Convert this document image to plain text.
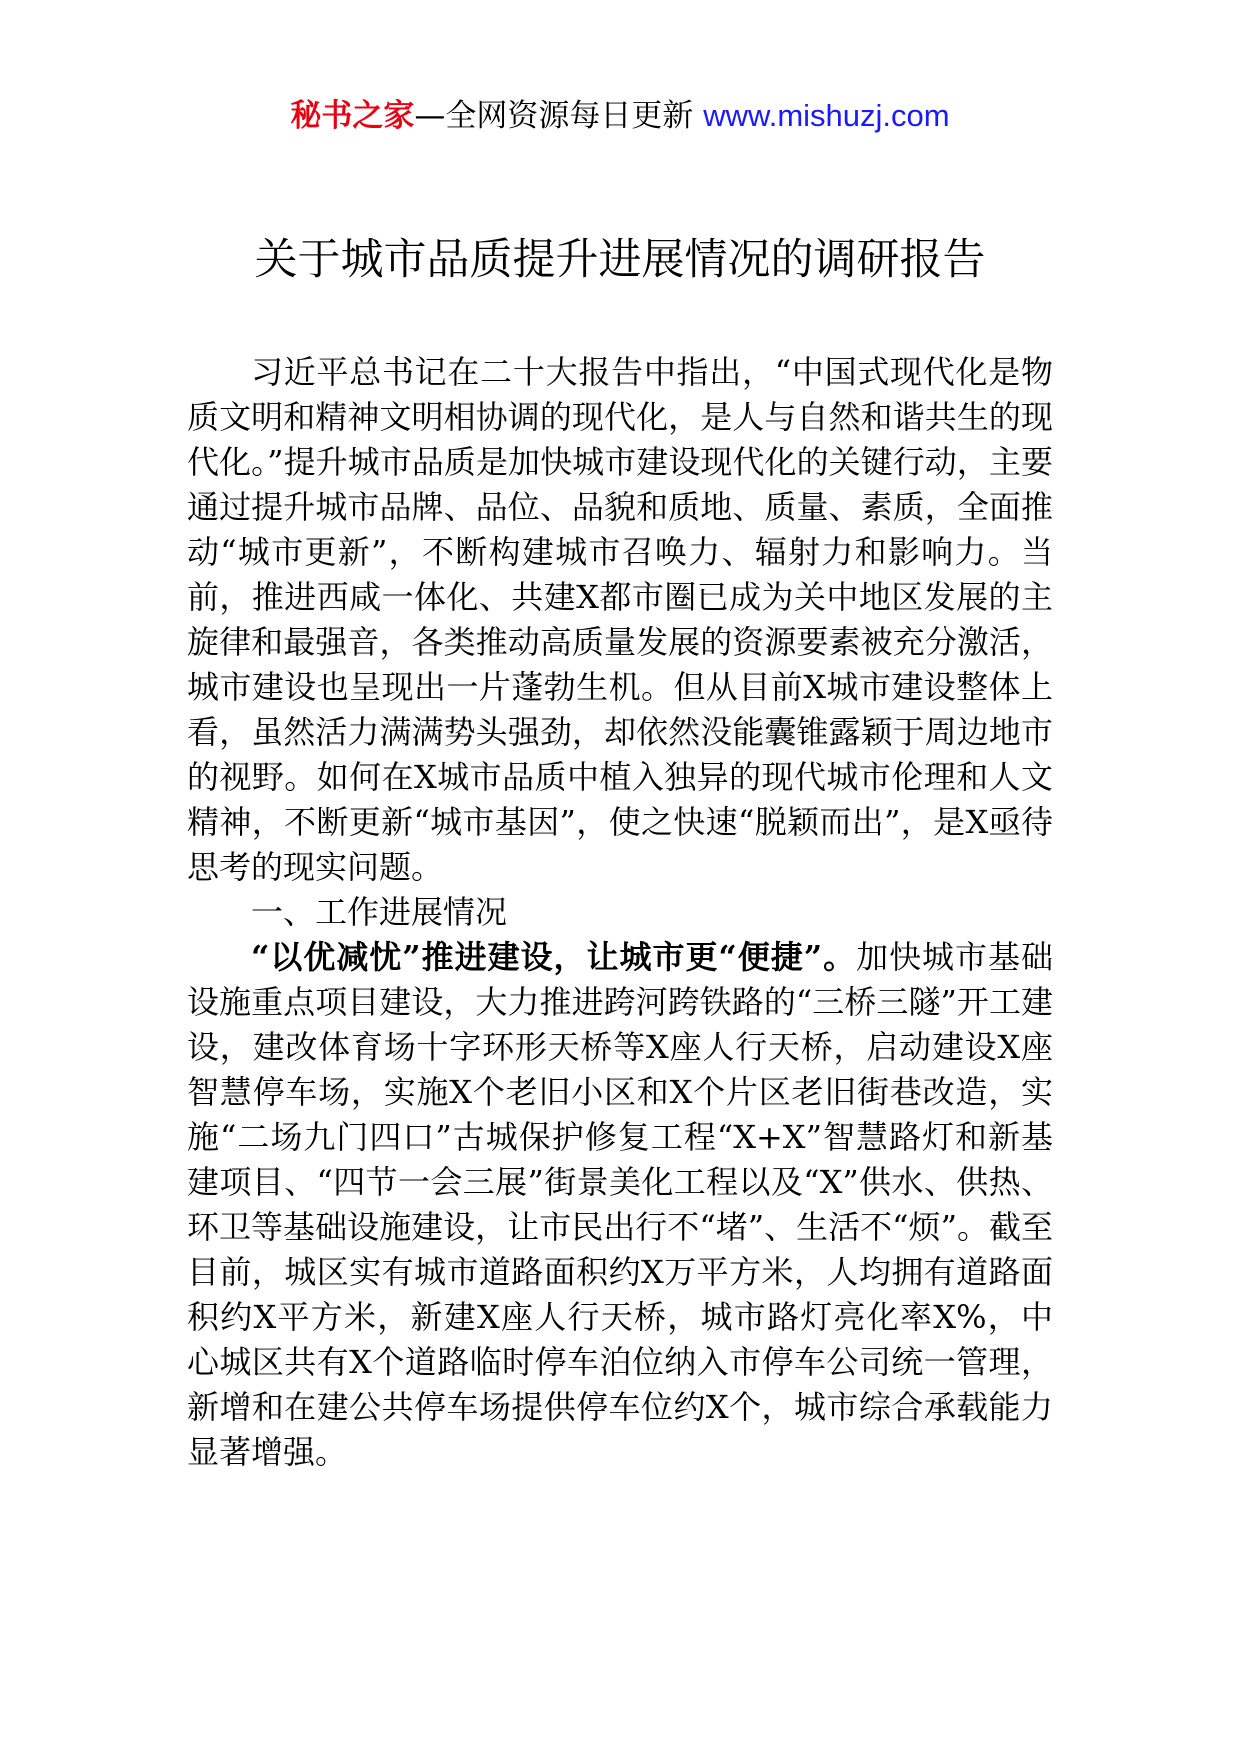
秘书之家—全网资源每日更新 www.mishuzj.com
关于城市品质提升进展情况的调研报告

习近平总书记在二十大报告中指出，“中国式现代化是物质文明和精神文明相协调的现代化，是人与自然和谐共生的现代化。”提升城市品质是加快城市建设现代化的关键行动，主要通过提升城市品牌、品位、品貌和质地、质量、素质，全面推动“城市更新”，不断构建城市召唤力、辐射力和影响力。当前，推进西咸一体化、共建X都市圈已成为关中地区发展的主旋律和最强音，各类推动高质量发展的资源要素被充分激活，城市建设也呈现出一片蓬勃生机。但从目前X城市建设整体上看，虽然活力满满势头强劲，却依然没能囊锥露颖于周边地市的视野。如何在X城市品质中植入独异的现代城市伦理和人文精神，不断更新“城市基因”，使之快速“脱颖而出”，是X亟待思考的现实问题。

一、工作进展情况

“以优减忧”推进建设，让城市更“便捷”。加快城市基础设施重点项目建设，大力推进跨河跨铁路的“三桥三隧”开工建设，建改体育场十字环形天桥等X座人行天桥，启动建设X座智慧停车场，实施X个老旧小区和X个片区老旧街巷改造，实施“二场九门四口”古城保护修复工程“X+X”智慧路灯和新基建项目、“四节一会三展”街景美化工程以及“X”供水、供热、环卫等基础设施建设，让市民出行不“堵”、生活不“烦”。截至目前，城区实有城市道路面积约X万平方米，人均拥有道路面积约X平方米，新建X座人行天桥，城市路灯亮化率X%，中心城区共有X个道路临时停车泊位纳入市停车公司统一管理，新增和在建公共停车场提供停车位约X个，城市综合承载能力显著增强。
